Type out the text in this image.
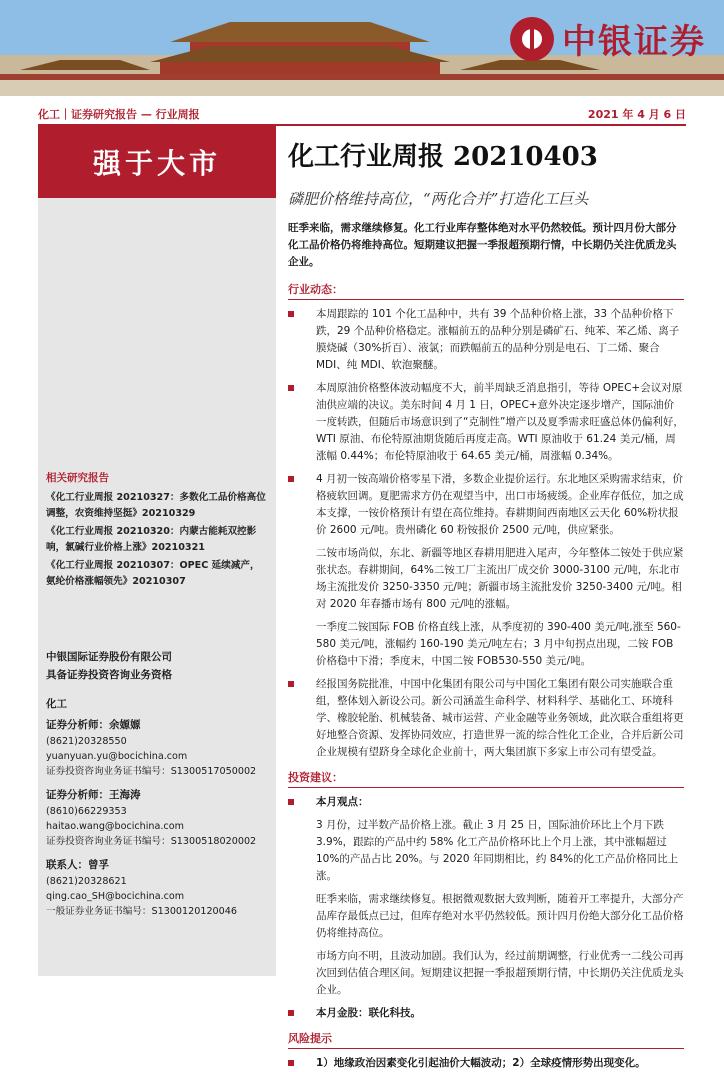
中银证券
化工｜证券研究报告 — 行业周报	2021 年 4 月 6 日
强于大市
相关研究报告

《化工行业周报 20210327：多数化工品价格高位调整，农资维持坚挺》20210329

《化工行业周报 20210320：内蒙古能耗双控影响，氯碱行业价格上涨》20210321

《化工行业周报 20210307：OPEC 延续减产，氨纶价格涨幅领先》20210307

中银国际证券股份有限公司
具备证券投资咨询业务资格
化工
证券分析师：余嫄嫄
(8621)20328550
yuanyuan.yu@bocichina.com
证券投资咨询业务证书编号：S1300517050002
证券分析师：王海涛
(8610)66229353
haitao.wang@bocichina.com
证券投资咨询业务证书编号：S1300518020002
联系人：曾孚
(8621)20328621
qing.cao_SH@bocichina.com
一般证券业务证书编号：S1300120120046
化工行业周报 20210403
磷肥价格维持高位，“两化合并”打造化工巨头

旺季来临，需求继续修复。化工行业库存整体绝对水平仍然较低。预计四月份大部分化工品价格仍将维持高位。短期建议把握一季报超预期行情，中长期仍关注优质龙头企业。

行业动态：

本周跟踪的 101 个化工品种中，共有 39 个品种价格上涨，33 个品种价格下跌，29 个品种价格稳定。涨幅前五的品种分别是磷矿石、纯苯、苯乙烯、离子膜烧碱（30%折百）、液氯；而跌幅前五的品种分别是电石、丁二烯、聚合 MDI、纯 MDI、软泡聚醚。
本周原油价格整体波动幅度不大，前半周缺乏消息指引，等待 OPEC+会议对原油供应端的决议。美东时间 4 月 1 日，OPEC+意外决定逐步增产，国际油价一度转跌，但随后市场意识到了“克制性”增产以及夏季需求旺盛总体仍偏利好，WTI 原油、布伦特原油期货随后再度走高。WTI 原油收于 61.24 美元/桶，周涨幅 0.44%；布伦特原油收于 64.65 美元/桶，周涨幅 0.34%。
4 月初一铵高端价格零星下滑，多数企业提价运行。东北地区采购需求结束，价格疲软回调。夏肥需求方仍在观望当中，出口市场疲缓。企业库存低位，加之成本支撑，一铵价格预计有望在高位维持。春耕期间西南地区云天化 60%粉状报价 2600 元/吨。贵州磷化 60 粉铵报价 2500 元/吨，供应紧张。
二铵市场尚似，东北、新疆等地区春耕用肥进入尾声，今年整体二铵处于供应紧张状态。春耕期间，64%二铵工厂主流出厂成交价 3000-3100 元/吨，东北市场主流批发价 3250-3350 元/吨；新疆市场主流批发价 3250-3400 元/吨。相对 2020 年春播市场有 800 元/吨的涨幅。
一季度二铵国际 FOB 价格直线上涨，从季度初的 390-400 美元/吨,涨至 560-580 美元/吨，涨幅约 160-190 美元/吨左右；3 月中旬拐点出现，二铵 FOB 价格稳中下滑；季度末，中国二铵 FOB530-550 美元/吨。
经报国务院批准，中国中化集团有限公司与中国化工集团有限公司实施联合重组，整体划入新设公司。新公司涵盖生命科学、材料科学、基础化工、环境科学、橡胶轮胎、机械装备、城市运营、产业金融等业务领域，此次联合重组将更好地整合资源、发挥协同效应，打造世界一流的综合性化工企业，合并后新公司企业规模有望跻身全球化企业前十，两大集团旗下多家上市公司有望受益。

投资建议：

本月观点：
3 月份，过半数产品价格上涨。截止 3 月 25 日，国际油价环比上个月下跌 3.9%，跟踪的产品中约 58% 化工产品价格环比上个月上涨，其中涨幅超过 10%的产品占比 20%。与 2020 年同期相比，约 84%的化工产品价格同比上涨。
旺季来临，需求继续修复。根据微观数据大致判断，随着开工率提升，大部分产品库存最低点已过，但库存绝对水平仍然较低。预计四月份绝大部分化工品价格仍将维持高位。
市场方向不明，且波动加剧。我们认为，经过前期调整，行业优秀一二线公司再次回到估值合理区间。短期建议把握一季报超预期行情，中长期仍关注优质龙头企业。
本月金股：联化科技。

风险提示

1）地缘政治因素变化引起油价大幅波动；2）全球疫情形势出现变化。
